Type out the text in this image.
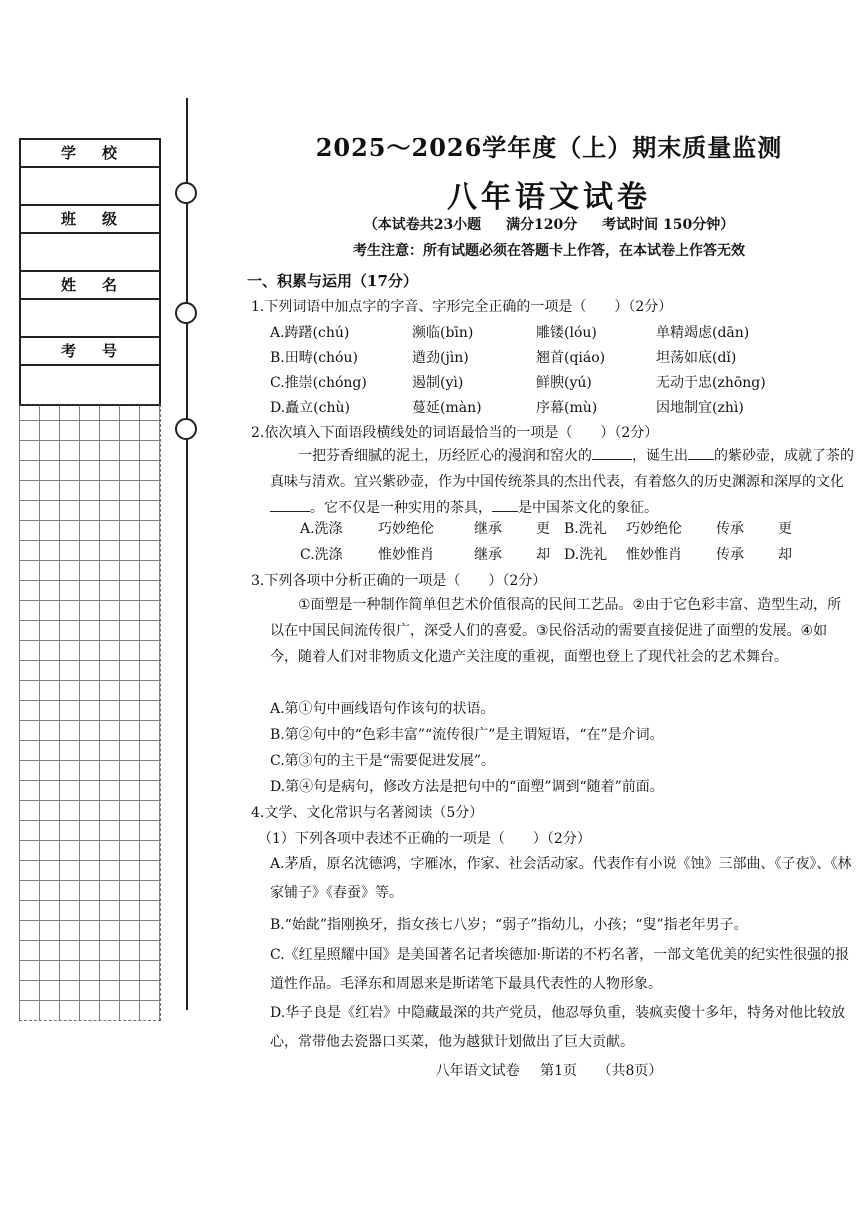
学校
班级
姓名
考号
2025～2026学年度（上）期末质量监测
八年语文试卷
（本试卷共23小题 满分120分 考试时间 150分钟）
考生注意：所有试题必须在答题卡上作答，在本试卷上作答无效
一、积累与运用（17分）
1.下列词语中加点字的字音、字形完全正确的一项是（　　）（2分）
A.踌躇(chú)	濒临(bīn)	雕镂(lóu)	单精竭虑(dān)
B.田畴(chóu)	遒劲(jìn)	翘首(qiáo)	坦荡如底(dǐ)
C.推崇(chóng)	遏制(yì)	鲜腴(yú)	无动于忠(zhōng)
D.矗立(chù)	蔓延(màn)	序幕(mù)	因地制宜(zhì)
2.依次填入下面语段横线处的词语最恰当的一项是（　　）（2分）
一把芬香细腻的泥土，历经匠心的漫润和窑火的	，诞生出 的紫砂壶，成就了茶的真味与清欢。宜兴紫砂壶，作为中国传统茶具的杰出代表，有着悠久的历史渊源和深厚的文化。它不仅是一种实用的茶具， 是中国茶文化的象征。
A.洗涤	巧妙绝伦	继承 更 B.洗礼 巧妙绝伦 传承 更
C.洗涤	惟妙惟肖	继承 却 D.洗礼 惟妙惟肖 传承 却
3.下列各项中分析正确的一项是（　　）（2分）
①面塑是一种制作简单但艺术价值很高的民间工艺品。②由于它色彩丰富、造型生动，所以在中国民间流传很广，深受人们的喜爱。③民俗活动的需要直接促进了面塑的发展。④如今，随着人们对非物质文化遗产关注度的重视，面塑也登上了现代社会的艺术舞台。
A.第①句中画线语句作该句的状语。
B.第②句中的“色彩丰富”“流传很广”是主谓短语，“在”是介词。
C.第③句的主干是“需要促进发展”。
D.第④句是病句，修改方法是把句中的“面塑”调到“随着”前面。
4.文学、文化常识与名著阅读（5分）
（1）下列各项中表述不正确的一项是（　　）（2分）
A.茅盾，原名沈德鸿，字雁冰，作家、社会活动家。代表作有小说《蚀》三部曲、《子夜》、《林家铺子》《春蚕》等。
B.“始龀”指刚换牙，指女孩七八岁；“弱子”指幼儿，小孩；“叟”指老年男子。
C.《红星照耀中国》是美国著名记者埃德加·斯诺的不朽名著，一部文笔优美的纪实性很强的报道性作品。毛泽东和周恩来是斯诺笔下最具代表性的人物形象。
D.华子良是《红岩》中隐藏最深的共产党员，他忍辱负重，装疯卖傻十多年，特务对他比较放心，常带他去瓷器口买菜，他为越狱计划做出了巨大贡献。
八年语文试卷 第1页 （共8页）
